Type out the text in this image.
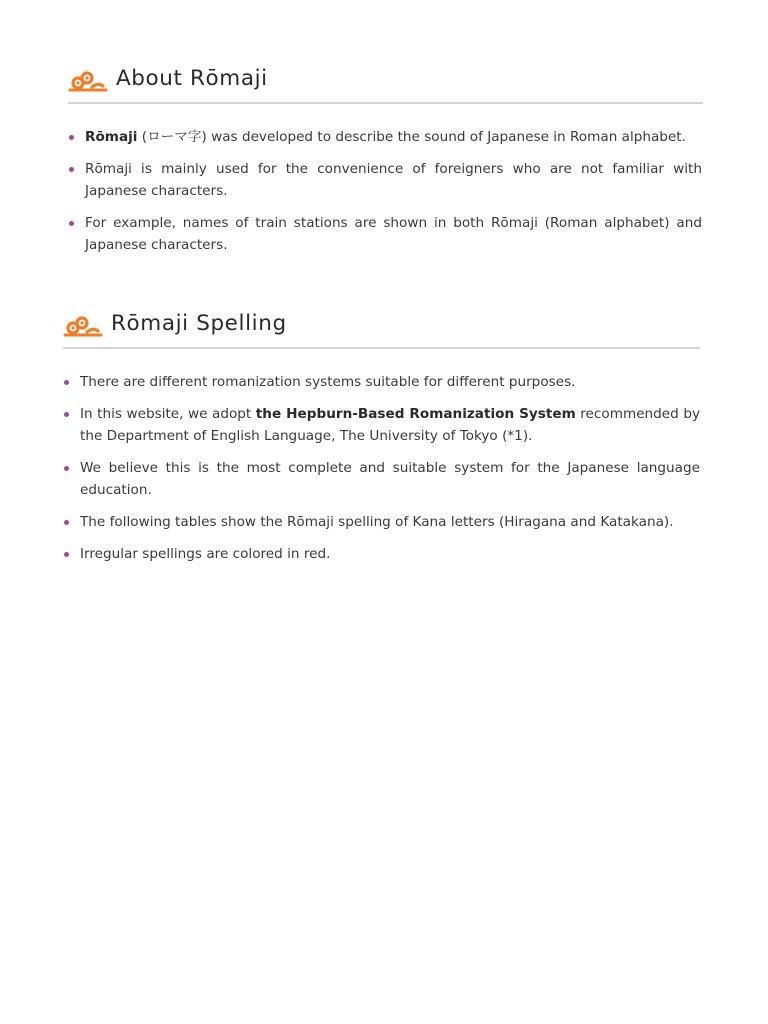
About Rōmaji
Rōmaji (ローマ字) was developed to describe the sound of Japanese in Roman alphabet.
Rōmaji is mainly used for the convenience of foreigners who are not familiar with Japanese characters.
For example, names of train stations are shown in both Rōmaji (Roman alphabet) and Japanese characters.
Rōmaji Spelling
There are different romanization systems suitable for different purposes.
In this website, we adopt the Hepburn-Based Romanization System recommended by the Department of English Language, The University of Tokyo (*1).
We believe this is the most complete and suitable system for the Japanese language education.
The following tables show the Rōmaji spelling of Kana letters (Hiragana and Katakana).
Irregular spellings are colored in red.
